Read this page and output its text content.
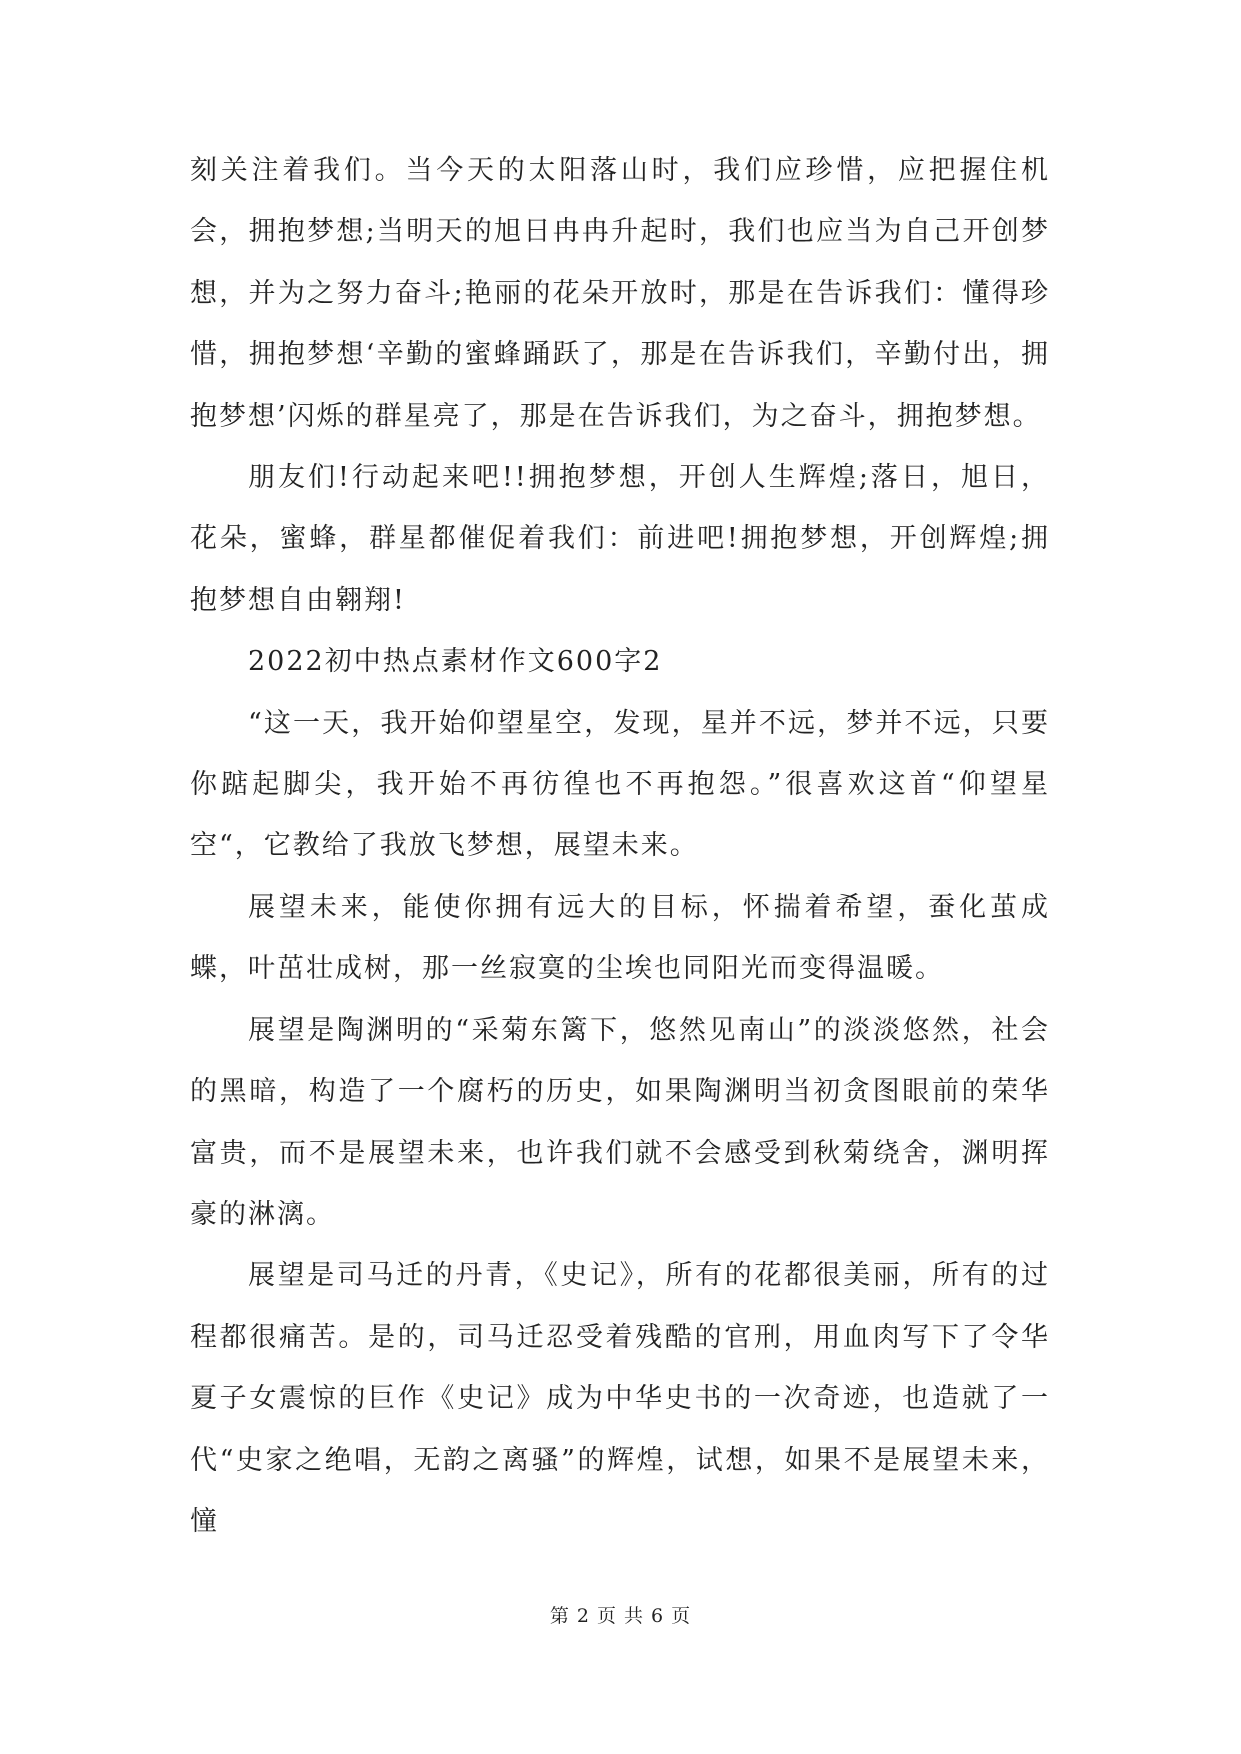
刻关注着我们。当今天的太阳落山时，我们应珍惜，应把握住机会，拥抱梦想;当明天的旭日冉冉升起时，我们也应当为自己开创梦想，并为之努力奋斗;艳丽的花朵开放时，那是在告诉我们：懂得珍惜，拥抱梦想‘辛勤的蜜蜂踊跃了，那是在告诉我们，辛勤付出，拥抱梦想’闪烁的群星亮了，那是在告诉我们，为之奋斗，拥抱梦想。

朋友们!行动起来吧!!拥抱梦想，开创人生辉煌;落日，旭日，花朵，蜜蜂，群星都催促着我们：前进吧!拥抱梦想，开创辉煌;拥抱梦想自由翱翔!

2022初中热点素材作文600字2

“这一天，我开始仰望星空，发现，星并不远，梦并不远，只要你踮起脚尖，我开始不再彷徨也不再抱怨。”很喜欢这首“仰望星空“，它教给了我放飞梦想，展望未来。

展望未来，能使你拥有远大的目标，怀揣着希望，蚕化茧成蝶，叶茁壮成树，那一丝寂寞的尘埃也同阳光而变得温暖。

展望是陶渊明的“采菊东篱下，悠然见南山”的淡淡悠然，社会的黑暗，构造了一个腐朽的历史，如果陶渊明当初贪图眼前的荣华富贵，而不是展望未来，也许我们就不会感受到秋菊绕舍，渊明挥豪的淋漓。

展望是司马迁的丹青，《史记》，所有的花都很美丽，所有的过程都很痛苦。是的，司马迁忍受着残酷的官刑，用血肉写下了令华夏子女震惊的巨作《史记》成为中华史书的一次奇迹，也造就了一代“史家之绝唱，无韵之离骚”的辉煌，试想，如果不是展望未来，憧

第 2 页 共 6 页
